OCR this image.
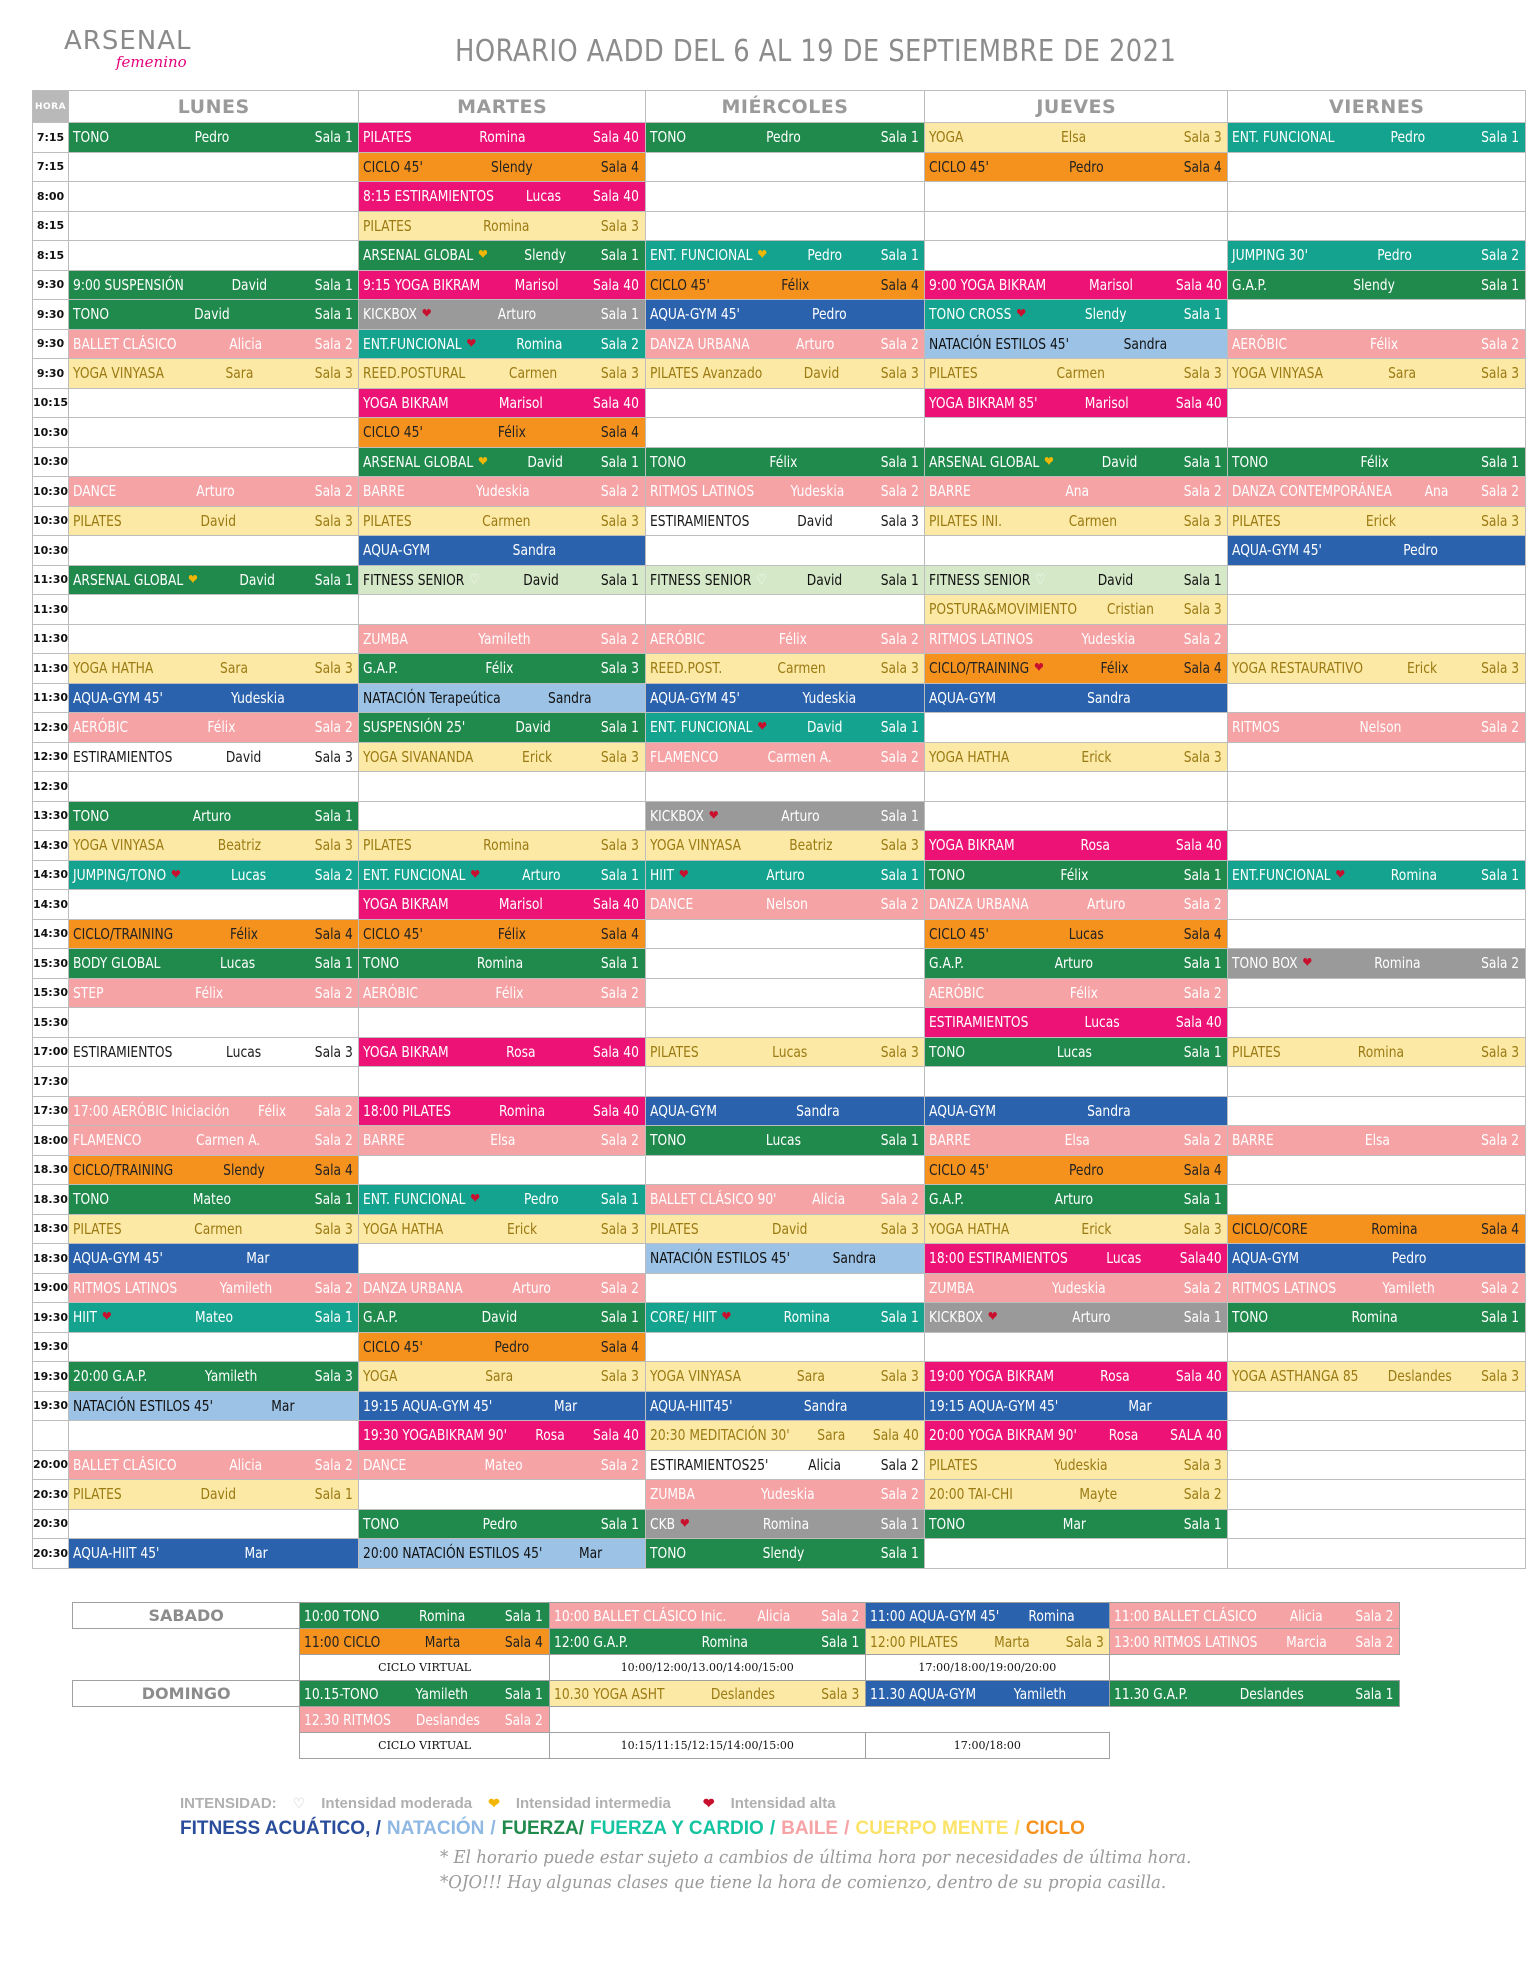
ARSENAL
femenino	HORARIO AADD DEL 6 AL 19 DE SEPTIEMBRE DE 2021
HORA	LUNES	MARTES	MIÉRCOLES	JUEVES	VIERNES
7:15	TONO Pedro Sala 1	PILATES Romina Sala 40	TONO Pedro Sala 1	YOGA Elsa Sala 3	ENT. FUNCIONAL Pedro Sala 1

7:15		CICLO 45' Slendy Sala 4		CICLO 45' Pedro Sala 4	

8:00		8:15 ESTIRAMIENTOS Lucas Sala 40			

8:15		PILATES Romina Sala 3			

8:15		ARSENAL GLOBAL ❤ Slendy Sala 1	ENT. FUNCIONAL ❤ Pedro Sala 1		JUMPING 30' Pedro Sala 2

9:30	9:00 SUSPENSIÓN David Sala 1	9:15 YOGA BIKRAM Marisol Sala 40	CICLO 45' Félix Sala 4	9:00 YOGA BIKRAM Marisol Sala 40	G.A.P. Slendy Sala 1

9:30	TONO David Sala 1	KICKBOX ❤ Arturo Sala 1	AQUA-GYM 45' Pedro	TONO CROSS ❤ Slendy Sala 1	

9:30	BALLET CLÁSICO Alicia Sala 2	ENT.FUNCIONAL ❤ Romina Sala 2	DANZA URBANA Arturo Sala 2	NATACIÓN ESTILOS 45' Sandra	AERÓBIC Félix Sala 2

9:30	YOGA VINYASA Sara Sala 3	REED.POSTURAL Carmen Sala 3	PILATES Avanzado David Sala 3	PILATES Carmen Sala 3	YOGA VINYASA Sara Sala 3

10:15		YOGA BIKRAM Marisol Sala 40		YOGA BIKRAM 85' Marisol Sala 40	

10:30		CICLO 45' Félix Sala 4			

10:30		ARSENAL GLOBAL ❤ David Sala 1	TONO Félix Sala 1	ARSENAL GLOBAL ❤ David Sala 1	TONO Félix Sala 1

10:30	DANCE Arturo Sala 2	BARRE Yudeskia Sala 2	RITMOS LATINOS Yudeskia Sala 2	BARRE Ana Sala 2	DANZA CONTEMPORÁNEA Ana Sala 2

10:30	PILATES David Sala 3	PILATES Carmen Sala 3	ESTIRAMIENTOS David Sala 3	PILATES INI. Carmen Sala 3	PILATES Erick Sala 3

10:30		AQUA-GYM Sandra			AQUA-GYM 45' Pedro

11:30	ARSENAL GLOBAL ❤ David Sala 1	FITNESS SENIOR ♡ David Sala 1	FITNESS SENIOR ♡ David Sala 1	FITNESS SENIOR ♡ David Sala 1	

11:30				POSTURA&MOVIMIENTO Cristian Sala 3	

11:30		ZUMBA Yamileth Sala 2	AERÓBIC Félix Sala 2	RITMOS LATINOS Yudeskia Sala 2	

11:30	YOGA HATHA Sara Sala 3	G.A.P. Félix Sala 3	REED.POST. Carmen Sala 3	CICLO/TRAINING ❤ Félix Sala 4	YOGA RESTAURATIVO Erick Sala 3

11:30	AQUA-GYM 45' Yudeskia	NATACIÓN Terapeútica Sandra	AQUA-GYM 45' Yudeskia	AQUA-GYM Sandra	

12:30	AERÓBIC Félix Sala 2	SUSPENSIÓN 25' David Sala 1	ENT. FUNCIONAL ❤ David Sala 1		RITMOS Nelson Sala 2

12:30	ESTIRAMIENTOS David Sala 3	YOGA SIVANANDA Erick Sala 3	FLAMENCO Carmen A. Sala 2	YOGA HATHA Erick Sala 3	

12:30					
13:30	TONO Arturo Sala 1		KICKBOX ❤ Arturo Sala 1		

14:30	YOGA VINYASA Beatriz Sala 3	PILATES Romina Sala 3	YOGA VINYASA Beatriz Sala 3	YOGA BIKRAM Rosa Sala 40	

14:30	JUMPING/TONO ❤ Lucas Sala 2	ENT. FUNCIONAL ❤ Arturo Sala 1	HIIT ❤ Arturo Sala 1	TONO Félix Sala 1	ENT.FUNCIONAL ❤ Romina Sala 1

14:30		YOGA BIKRAM Marisol Sala 40	DANCE Nelson Sala 2	DANZA URBANA Arturo Sala 2	

14:30	CICLO/TRAINING Félix Sala 4	CICLO 45' Félix Sala 4		CICLO 45' Lucas Sala 4	

15:30	BODY GLOBAL Lucas Sala 1	TONO Romina Sala 1		G.A.P. Arturo Sala 1	TONO BOX ❤ Romina Sala 2

15:30	STEP Félix Sala 2	AERÓBIC Félix Sala 2		AERÓBIC Félix Sala 2	

15:30				ESTIRAMIENTOS Lucas Sala 40	

17:00	ESTIRAMIENTOS Lucas Sala 3	YOGA BIKRAM Rosa Sala 40	PILATES Lucas Sala 3	TONO Lucas Sala 1	PILATES Romina Sala 3

17:30					
17:30	17:00 AERÓBIC Iniciación Félix Sala 2	18:00 PILATES Romina Sala 40	AQUA-GYM Sandra	AQUA-GYM Sandra	

18:00	FLAMENCO Carmen A. Sala 2	BARRE Elsa Sala 2	TONO Lucas Sala 1	BARRE Elsa Sala 2	BARRE Elsa Sala 2

18.30	CICLO/TRAINING Slendy Sala 4			CICLO 45' Pedro Sala 4	

18.30	TONO Mateo Sala 1	ENT. FUNCIONAL ❤ Pedro Sala 1	BALLET CLÁSICO 90' Alicia Sala 2	G.A.P. Arturo Sala 1	

18:30	PILATES Carmen Sala 3	YOGA HATHA Erick Sala 3	PILATES David Sala 3	YOGA HATHA Erick Sala 3	CICLO/CORE Romina Sala 4

18:30	AQUA-GYM 45' Mar		NATACIÓN ESTILOS 45' Sandra	18:00 ESTIRAMIENTOS Lucas Sala40	AQUA-GYM Pedro

19:00	RITMOS LATINOS Yamileth Sala 2	DANZA URBANA Arturo Sala 2		ZUMBA Yudeskia Sala 2	RITMOS LATINOS Yamileth Sala 2

19:30	HIIT ❤ Mateo Sala 1	G.A.P. David Sala 1	CORE/ HIIT ❤ Romina Sala 1	KICKBOX ❤ Arturo Sala 1	TONO Romina Sala 1

19:30		CICLO 45' Pedro Sala 4			

19:30	20:00 G.A.P. Yamileth Sala 3	YOGA Sara Sala 3	YOGA VINYASA Sara Sala 3	19:00 YOGA BIKRAM Rosa Sala 40	YOGA ASTHANGA 85 Deslandes Sala 3

19:30	NATACIÓN ESTILOS 45' Mar	19:15 AQUA-GYM 45' Mar	AQUA-HIIT45' Sandra	19:15 AQUA-GYM 45' Mar	

		19:30 YOGABIKRAM 90' Rosa Sala 40	20:30 MEDITACIÓN 30' Sara Sala 40	20:00 YOGA BIKRAM 90' Rosa SALA 40	

20:00	BALLET CLÁSICO Alicia Sala 2	DANCE Mateo Sala 2	ESTIRAMIENTOS25' Alicia Sala 2	PILATES Yudeskia Sala 3	

20:30	PILATES David Sala 1		ZUMBA Yudeskia Sala 2	20:00 TAI-CHI Mayte Sala 2	

20:30		TONO Pedro Sala 1	CKB ❤ Romina Sala 1	TONO Mar Sala 1	

20:30	AQUA-HIIT 45' Mar	20:00 NATACIÓN ESTILOS 45' Mar	TONO Slendy Sala 1		

SABADO	10:00 TONO Romina Sala 1	10:00 BALLET CLÁSICO Inic. Alicia Sala 2	11:00 AQUA-GYM 45' Romina	11:00 BALLET CLÁSICO Alicia Sala 2

	11:00 CICLO Marta Sala 4	12:00 G.A.P. Romina Sala 1	12:00 PILATES Marta Sala 3	13:00 RITMOS LATINOS Marcia Sala 2

	CICLO VIRTUAL	10:00/12:00/13.00/14:00/15:00	17:00/18:00/19:00/20:00	
DOMINGO	10.15-TONO Yamileth Sala 1	10.30 YOGA ASHT Deslandes Sala 3	11.30 AQUA-GYM Yamileth	11.30 G.A.P. Deslandes Sala 1

	12.30 RITMOS Deslandes Sala 2			

	CICLO VIRTUAL	10:15/11:15/12:15/14:00/15:00	17:00/18:00	
INTENSIDAD: ♡ Intensidad moderada ❤ Intensidad intermedia ❤ Intensidad alta
FITNESS ACUÁTICO, / NATACIÓN / FUERZA/ FUERZA Y CARDIO / BAILE / CUERPO MENTE / CICLO
* El horario puede estar sujeto a cambios de última hora por necesidades de última hora.
*OJO!!! Hay algunas clases que tiene la hora de comienzo, dentro de su propia casilla.
